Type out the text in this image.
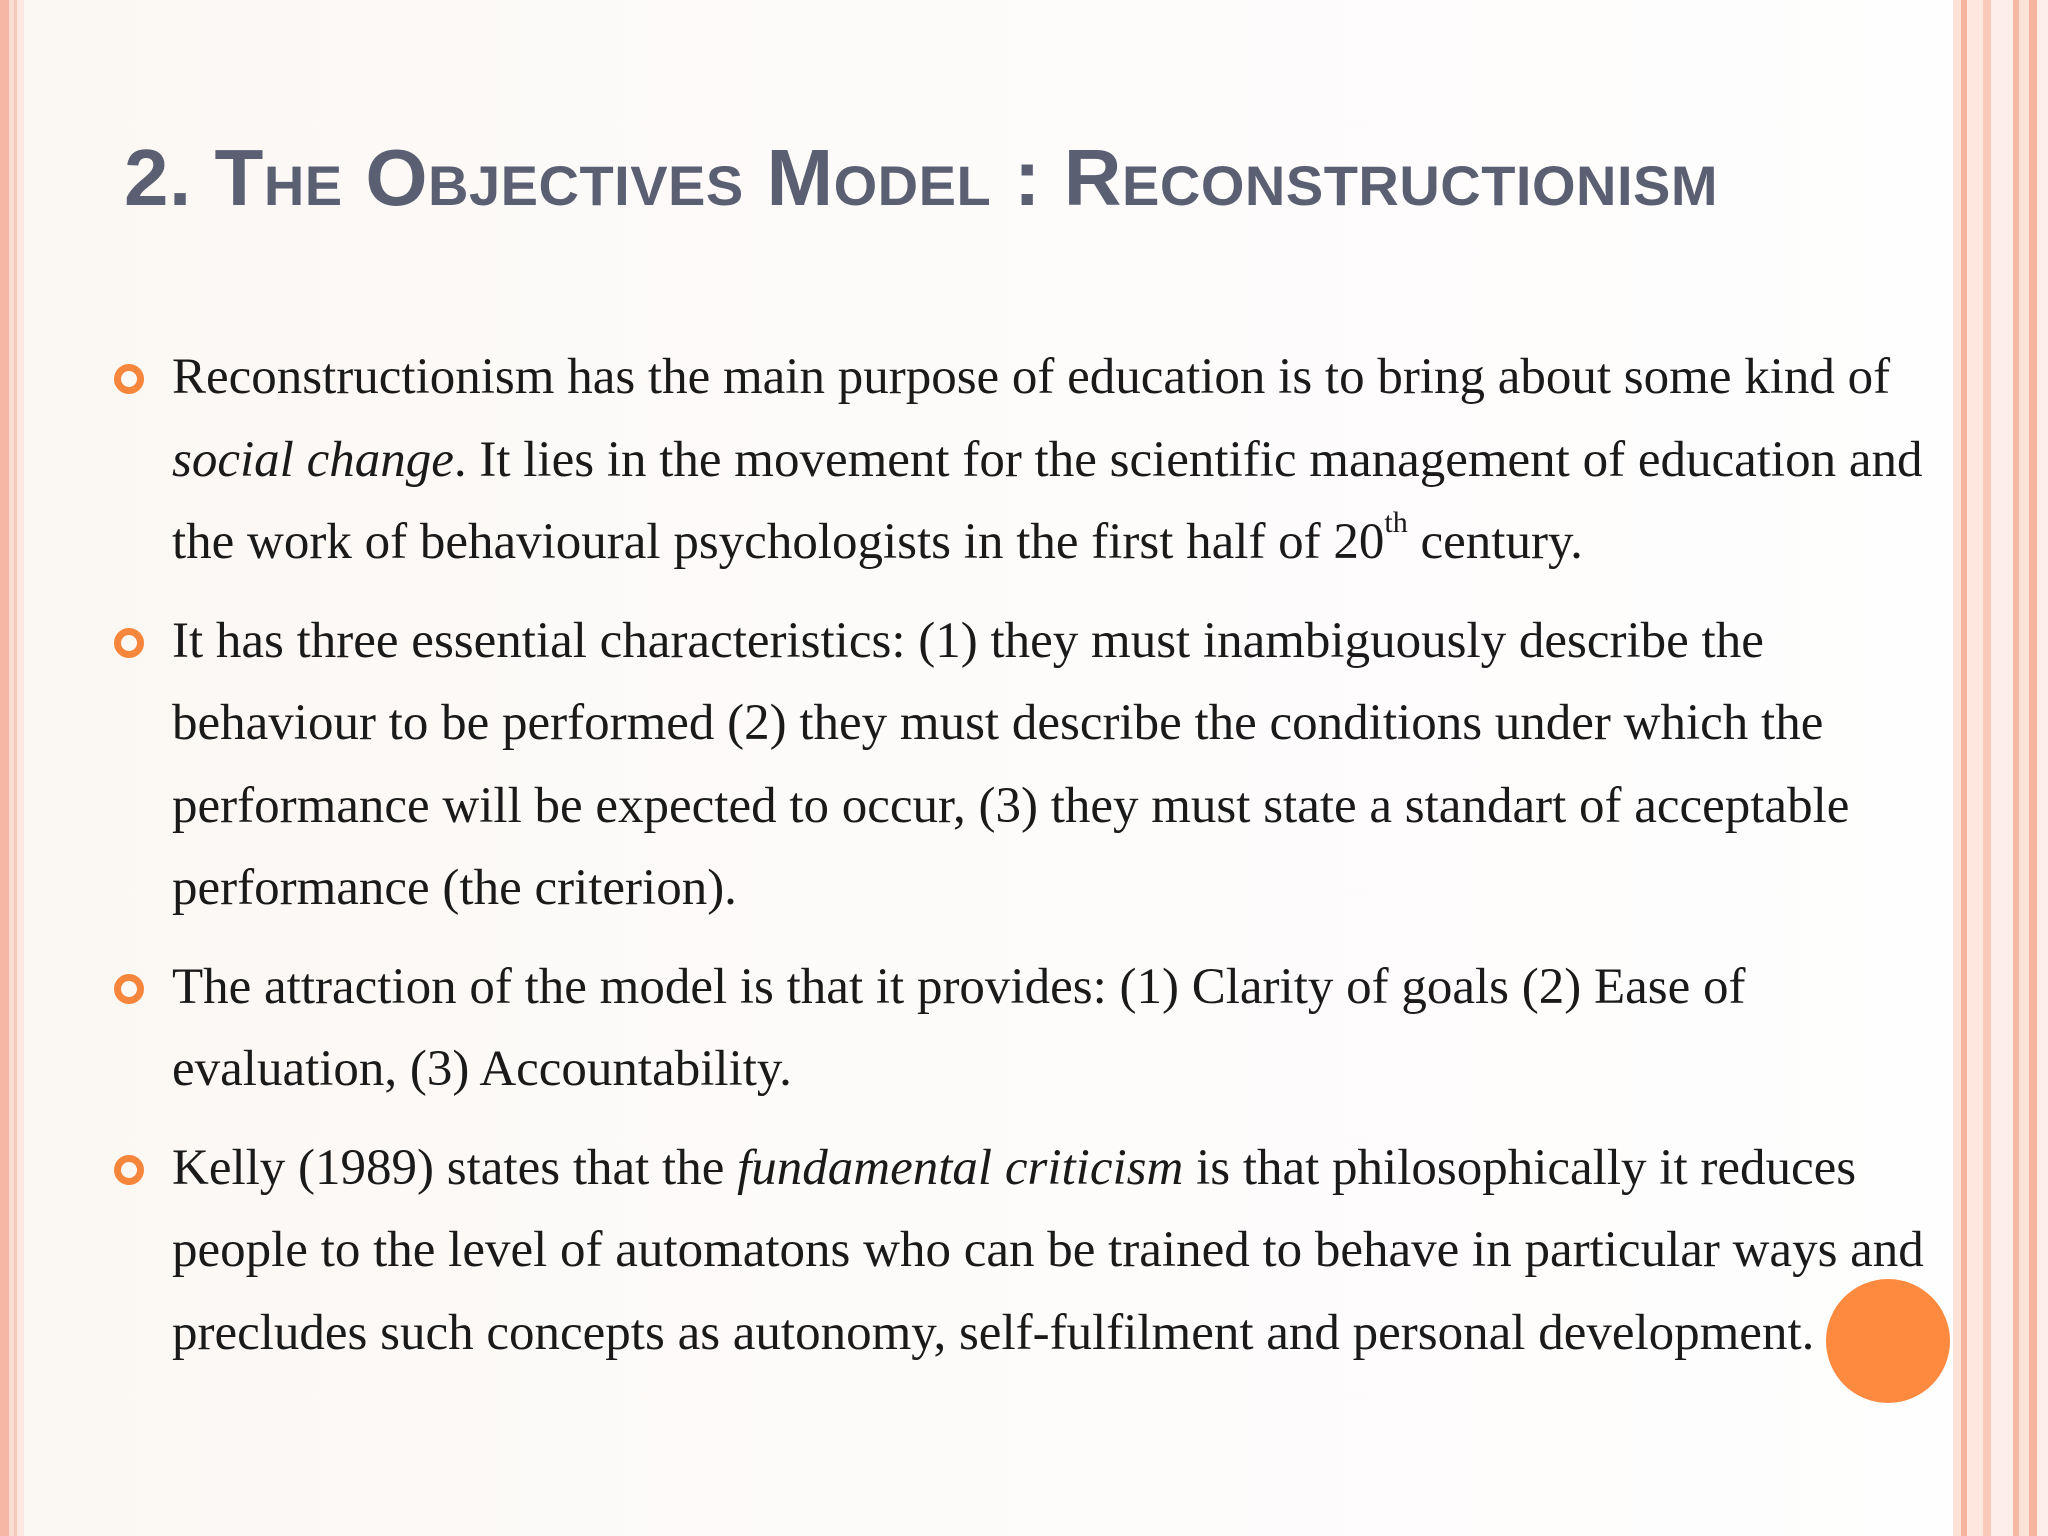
2. The Objectives Model : Reconstructionism
Reconstructionism has the main purpose of education is to bring about some kind of social change. It lies in the movement for the scientific management of education and the work of behavioural psychologists in the first half of 20th century.
It has three essential characteristics: (1) they must inambiguously describe the behaviour to be performed (2) they must describe the conditions under which the performance will be expected to occur, (3) they must state a standart of acceptable performance (the criterion).
The attraction of the model is that it provides: (1) Clarity of goals (2) Ease of evaluation, (3) Accountability.
Kelly (1989) states that the fundamental criticism is that philosophically it reduces people to the level of automatons who can be trained to behave in particular ways and precludes such concepts as autonomy, self-fulfilment and personal development.
